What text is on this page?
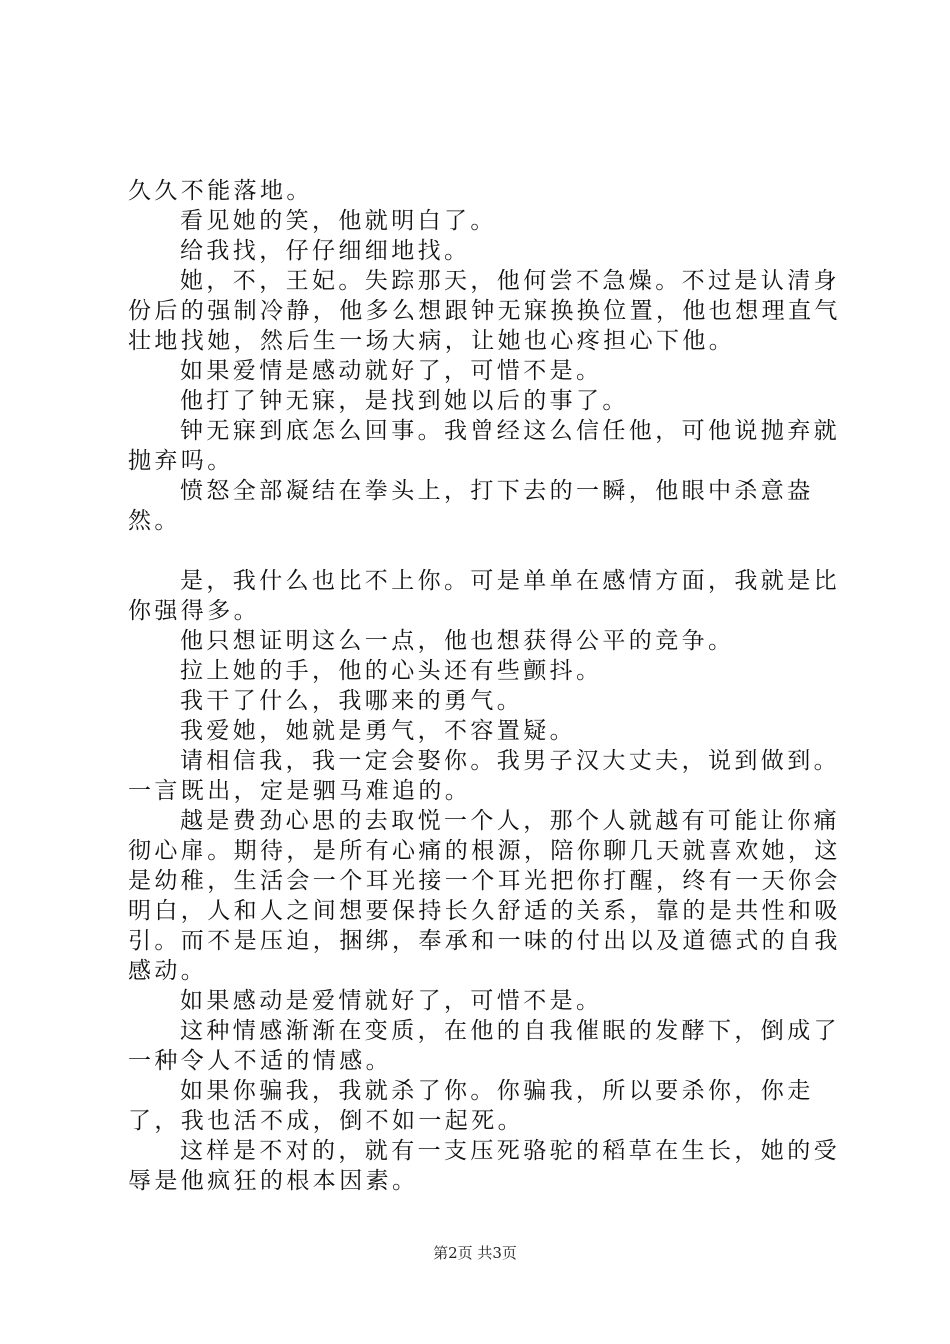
久久不能落地。

看见她的笑，他就明白了。

给我找，仔仔细细地找。

她，不，王妃。失踪那天，他何尝不急燥。不过是认清身份后的强制冷静，他多么想跟钟无寐换换位置，他也想理直气壮地找她，然后生一场大病，让她也心疼担心下他。

如果爱情是感动就好了，可惜不是。

他打了钟无寐，是找到她以后的事了。

钟无寐到底怎么回事。我曾经这么信任他，可他说抛弃就抛弃吗。

愤怒全部凝结在拳头上，打下去的一瞬，他眼中杀意盎然。

是，我什么也比不上你。可是单单在感情方面，我就是比你强得多。

他只想证明这么一点，他也想获得公平的竞争。

拉上她的手，他的心头还有些颤抖。

我干了什么，我哪来的勇气。

我爱她，她就是勇气，不容置疑。

请相信我，我一定会娶你。我男子汉大丈夫，说到做到。一言既出，定是驷马难追的。

越是费劲心思的去取悦一个人，那个人就越有可能让你痛彻心扉。期待，是所有心痛的根源，陪你聊几天就喜欢她，这是幼稚，生活会一个耳光接一个耳光把你打醒，终有一天你会明白，人和人之间想要保持长久舒适的关系，靠的是共性和吸引。而不是压迫，捆绑，奉承和一味的付出以及道德式的自我感动。

如果感动是爱情就好了，可惜不是。

这种情感渐渐在变质，在他的自我催眠的发酵下，倒成了一种令人不适的情感。

如果你骗我，我就杀了你。你骗我，所以要杀你，你走了，我也活不成，倒不如一起死。

这样是不对的，就有一支压死骆驼的稻草在生长，她的受辱是他疯狂的根本因素。

第2页 共3页
